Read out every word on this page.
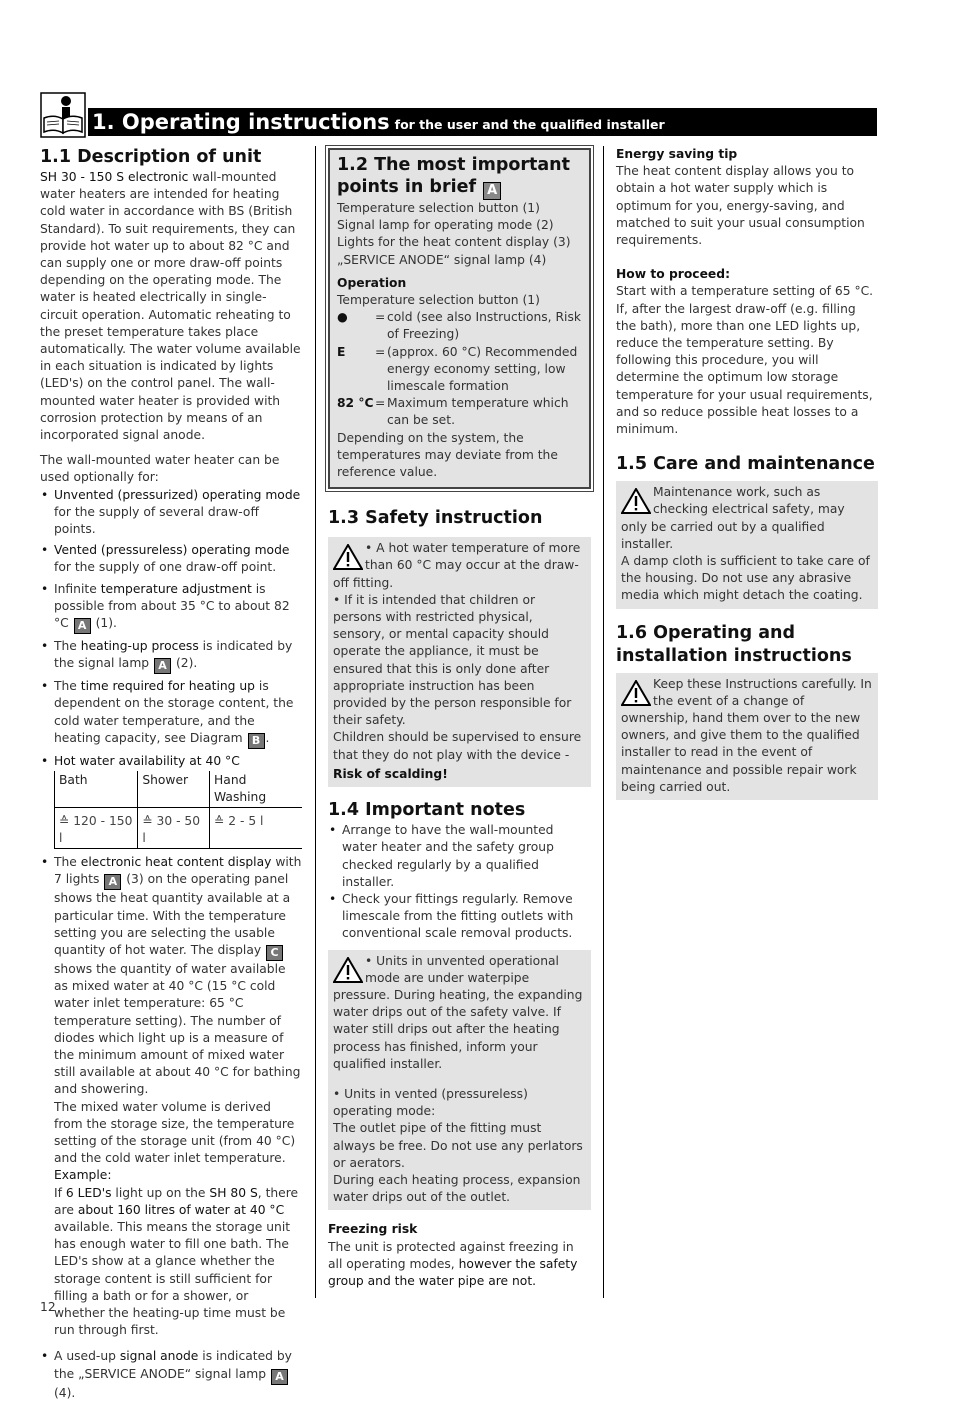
1. Operating instructions for the user and the qualified installer
1.1 Description of unit

SH 30 - 150 S electronic wall-mounted water heaters are intended for heating cold water in accordance with BS (British Standard). To suit requirements, they can provide hot water up to about 82 °C and can supply one or more draw-off points depending on the operating mode. The water is heated electrically in single-circuit operation. Automatic reheating to the preset temperature takes place automatically. The water volume available in each situation is indicated by lights (LED's) on the control panel. The wall-mounted water heater is provided with corrosion protection by means of an incorporated signal anode.

The wall-mounted water heater can be used optionally for:

• Unvented (pressurized) operating mode for the supply of several draw-off points.
• Vented (pressureless) operating mode for the supply of one draw-off point.
• Infinite temperature adjustment is possible from about 35 °C to about 82 °C A (1).
• The heating-up process is indicated by the signal lamp A (2).
• The time required for heating up is dependent on the storage content, the cold water temperature, and the heating capacity, see Diagram B .
• Hot water availability at 40 °C
Bath	Shower	Hand Washing

≙ 120 - 150 l	≙ 30 - 50 l	≙ 2 - 5 l
• The electronic heat content display with 7 lights A (3) on the operating panel shows the heat quantity available at a particular time. With the temperature setting you are selecting the usable quantity of hot water. The display C shows the quantity of water available as mixed water at 40 °C (15 °C cold water inlet temperature: 65 °C temperature setting). The number of diodes which light up is a measure of the minimum amount of mixed water still available at about 40 °C for bathing and showering.
The mixed water volume is derived from the storage size, the temperature setting of the storage unit (from 40 °C) and the cold water inlet temperature.
Example:
If 6 LED's light up on the SH 80 S, there are about 160 litres of water at 40 °C available. This means the storage unit has enough water to fill one bath. The LED's show at a glance whether the storage content is still sufficient for filling a bath or for a shower, or whether the heating-up time must be run through first.
• A used-up signal anode is indicated by the „SERVICE ANODE“ signal lamp A (4).
1.2 The most important points in brief A

Temperature selection button (1)

Signal lamp for operating mode (2)

Lights for the heat content display (3)

„SERVICE ANODE“ signal lamp (4)

Operation

Temperature selection button (1)

●	= cold (see also Instructions, Risk of Freezing)
E	= (approx. 60 °C) Recommended energy economy setting, low limescale formation
82 °C = Maximum temperature which can be set.

Depending on the system, the temperatures may deviate from the reference value.

1.3 Safety instruction

• A hot water temperature of more than 60 °C may occur at the draw-off fitting.

• If it is intended that children or persons with restricted physical, sensory, or mental capacity should operate the appliance, it must be ensured that this is only done after appropriate instruction has been provided by the person responsible for their safety.

Children should be supervised to ensure that they do not play with the device -

Risk of scalding!

1.4 Important notes
• Arrange to have the wall-mounted water heater and the safety group checked regularly by a qualified installer.
• Check your fittings regularly. Remove limescale from the fitting outlets with conventional scale removal products.

• Units in unvented operational mode are under waterpipe pressure. During heating, the expanding water drips out of the safety valve. If water still drips out after the heating process has finished, inform your qualified installer.

• Units in vented (pressureless) operating mode:

The outlet pipe of the fitting must always be free. Do not use any perlators or aerators.

During each heating process, expansion water drips out of the outlet.

Freezing risk

The unit is protected against freezing in all operating modes, however the safety group and the water pipe are not.

Energy saving tip

The heat content display allows you to obtain a hot water supply which is optimum for you, energy-saving, and matched to suit your usual consumption requirements.

How to proceed:

Start with a temperature setting of 65 °C. If, after the largest draw-off (e.g. filling the bath), more than one LED lights up, reduce the temperature setting. By following this procedure, you will determine the optimum low storage temperature for your usual requirements, and so reduce possible heat losses to a minimum.

1.5 Care and maintenance

Maintenance work, such as checking electrical safety, may only be carried out by a qualified installer.

A damp cloth is sufficient to take care of the housing. Do not use any abrasive media which might detach the coating.

1.6 Operating and installation instructions

Keep these Instructions carefully. In the event of a change of ownership, hand them over to the new owners, and give them to the qualified installer to read in the event of maintenance and possible repair work being carried out.

12
